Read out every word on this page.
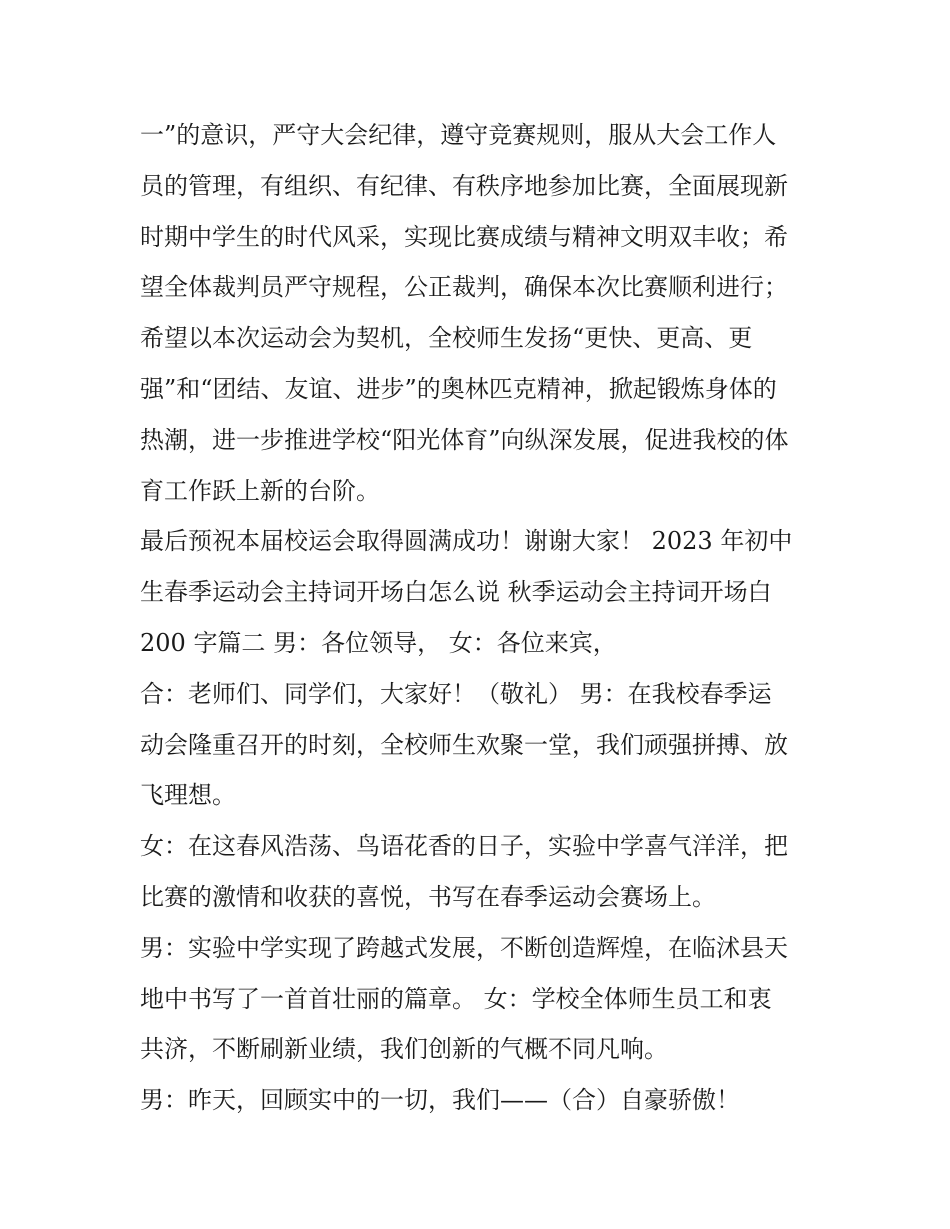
一”的意识，严守大会纪律，遵守竞赛规则，服从大会工作人
员的管理，有组织、有纪律、有秩序地参加比赛，全面展现新
时期中学生的时代风采，实现比赛成绩与精神文明双丰收；希
望全体裁判员严守规程，公正裁判，确保本次比赛顺利进行；
希望以本次运动会为契机，全校师生发扬“更快、更高、更
强”和“团结、友谊、进步”的奥林匹克精神，掀起锻炼身体的
热潮，进一步推进学校“阳光体育”向纵深发展，促进我校的体
育工作跃上新的台阶。
最后预祝本届校运会取得圆满成功！谢谢大家！ 2023 年初中
生春季运动会主持词开场白怎么说 秋季运动会主持词开场白
200 字篇二 男：各位领导， 女：各位来宾，
合：老师们、同学们，大家好！（敬礼） 男：在我校春季运
动会隆重召开的时刻，全校师生欢聚一堂，我们顽强拼搏、放
飞理想。
女：在这春风浩荡、鸟语花香的日子，实验中学喜气洋洋，把
比赛的激情和收获的喜悦，书写在春季运动会赛场上。
男：实验中学实现了跨越式发展，不断创造辉煌，在临沭县天
地中书写了一首首壮丽的篇章。 女：学校全体师生员工和衷
共济，不断刷新业绩，我们创新的气概不同凡响。
男：昨天，回顾实中的一切，我们——（合）自豪骄傲！
